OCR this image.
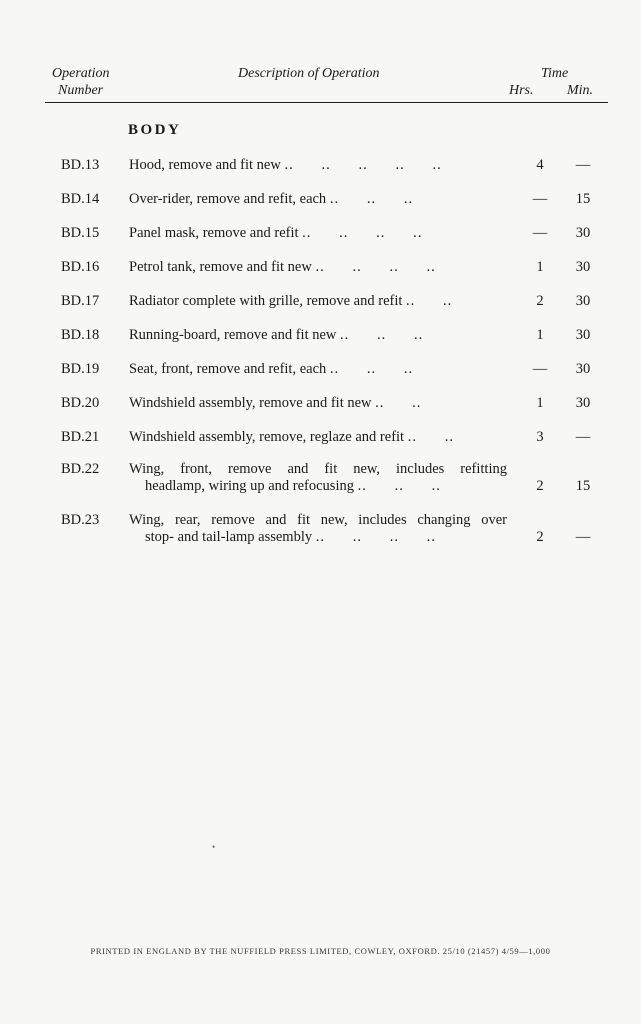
Operation
Number
Description of Operation	Time
Hrs. Min.
BODY
BD.13 Hood, remove and fit new ..      ..      ..      ..      ..	4	—
BD.14 Over-rider, remove and refit, each ..      ..      ..	—	15
BD.15 Panel mask, remove and refit ..      ..      ..      ..	—	30
BD.16 Petrol tank, remove and fit new ..      ..      ..      ..	1	30
BD.17 Radiator complete with grille, remove and refit ..      ..	2	30
BD.18 Running-board, remove and fit new ..      ..      ..	1	30
BD.19 Seat, front, remove and refit, each ..      ..      ..	—	30
BD.20 Windshield assembly, remove and fit new ..      ..	1	30
BD.21 Windshield assembly, remove, reglaze and refit ..      ..	3	—
BD.22 Wing, front, remove and fit new, includes refitting
headlamp, wiring up and refocusing ..      ..      ..	2	15
BD.23 Wing, rear, remove and fit new, includes changing over
stop- and tail-lamp assembly ..      ..      ..      ..	2	—
PRINTED IN ENGLAND BY THE NUFFIELD PRESS LIMITED, COWLEY, OXFORD. 25/10 (21457) 4/59—1,000
•
